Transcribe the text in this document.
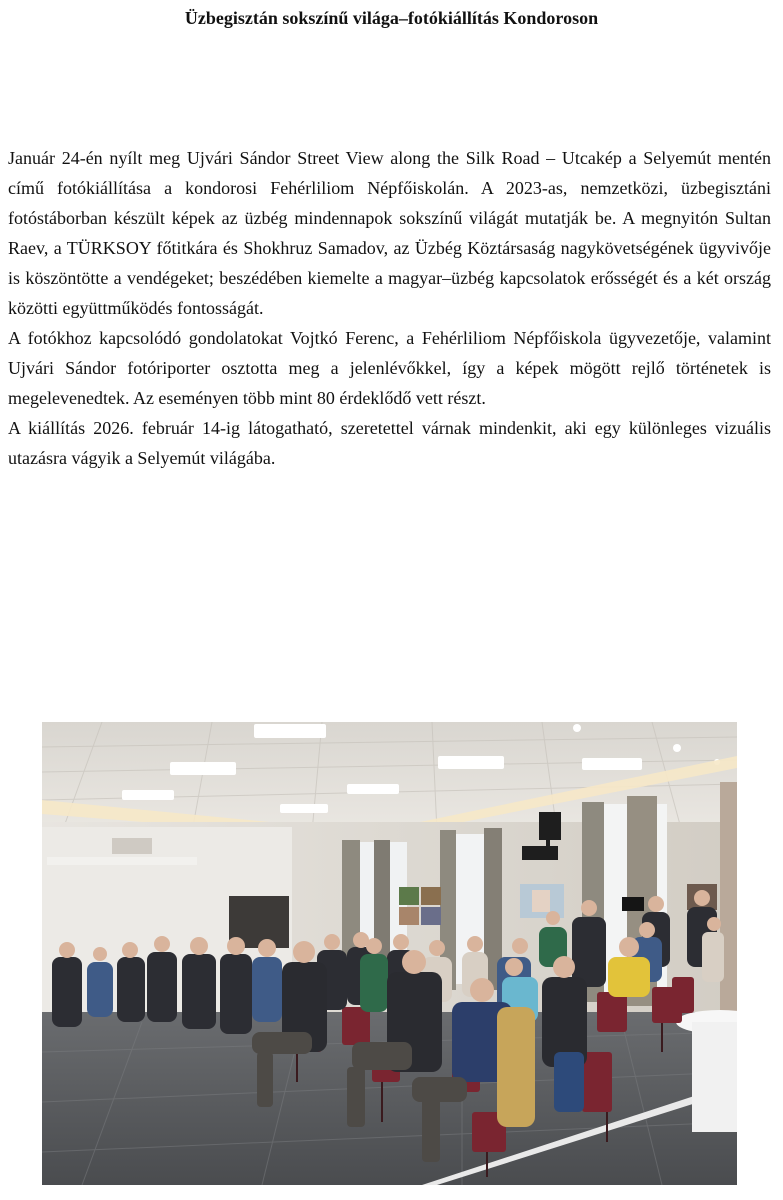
Üzbegisztán sokszínű világa–fotókiállítás Kondoroson

Január 24-én nyílt meg Ujvári Sándor Street View along the Silk Road – Utcakép a Selyemút mentén című fotókiállítása a kondorosi Fehérliliom Népfőiskolán. A 2023-as, nemzetközi, üzbegisztáni fotóstáborban készült képek az üzbég mindennapok sokszínű világát mutatják be. A megnyitón Sultan Raev, a TÜRKSOY főtitkára és Shokhruz Samadov, az Üzbég Köztársaság nagykövetségének ügyvivője is köszöntötte a vendégeket; beszédében kiemelte a magyar–üzbég kapcsolatok erősségét és a két ország közötti együttműködés fontosságát.

A fotókhoz kapcsolódó gondolatokat Vojtkó Ferenc, a Fehérliliom Népfőiskola ügyvezetője, valamint Ujvári Sándor fotóriporter osztotta meg a jelenlévőkkel, így a képek mögött rejlő történetek is megelevenedtek. Az eseményen több mint 80 érdeklődő vett részt.

A kiállítás 2026. február 14-ig látogatható, szeretettel várnak mindenkit, aki egy különleges vizuális utazásra vágyik a Selyemút világába.
